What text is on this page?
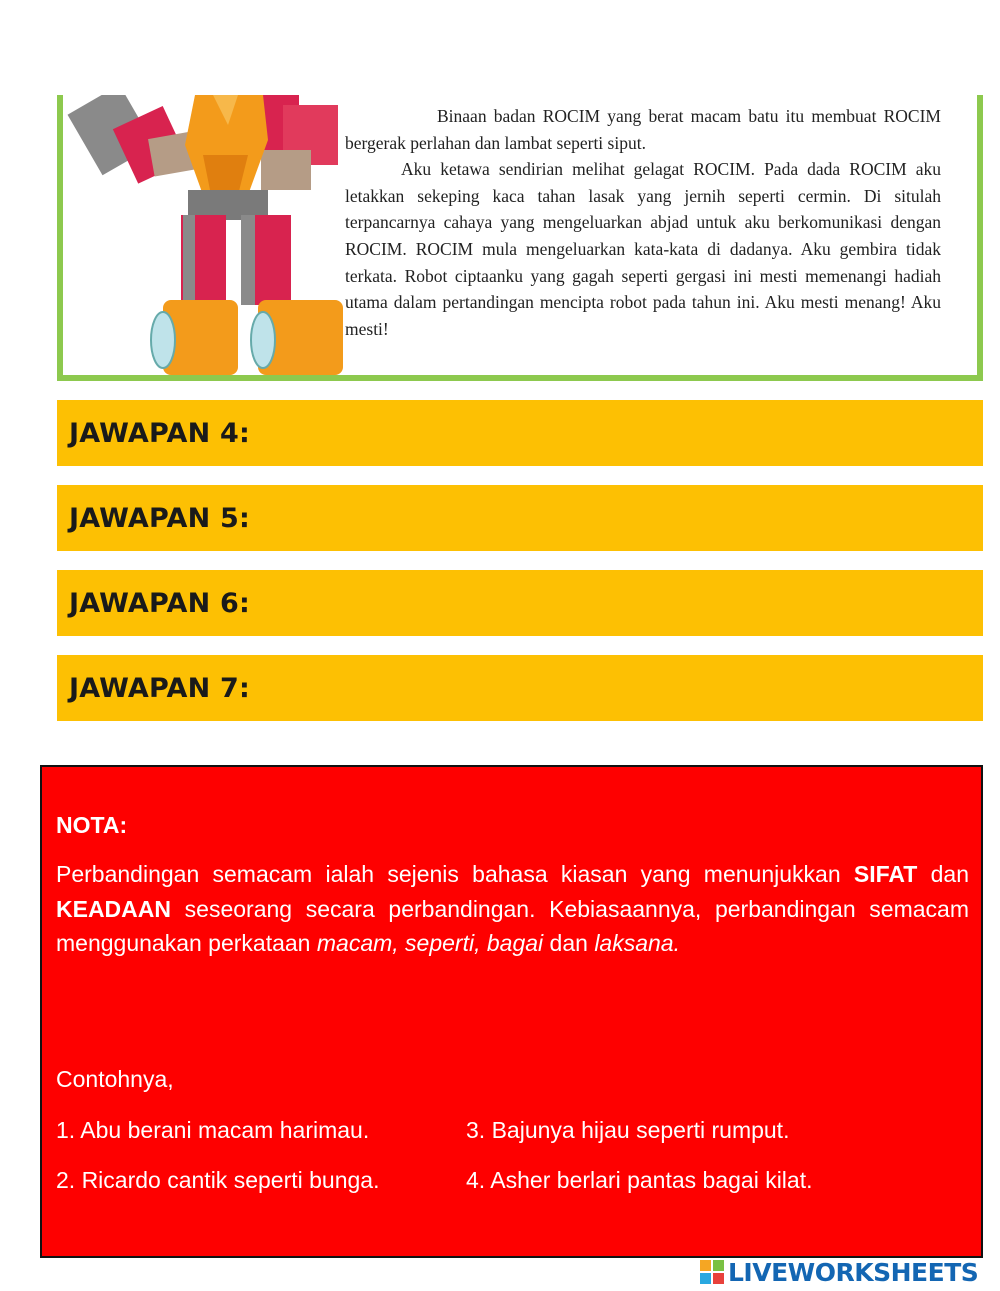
Binaan badan ROCIM yang berat macam batu itu membuat ROCIM bergerak perlahan dan lambat seperti siput.

Aku ketawa sendirian melihat gelagat ROCIM. Pada dada ROCIM aku letakkan sekeping kaca tahan lasak yang jernih seperti cermin. Di situlah terpancarnya cahaya yang mengeluarkan abjad untuk aku berkomunikasi dengan ROCIM. ROCIM mula mengeluarkan kata-kata di dadanya. Aku gembira tidak terkata. Robot ciptaanku yang gagah seperti gergasi ini mesti memenangi hadiah utama dalam pertandingan mencipta robot pada tahun ini. Aku mesti menang! Aku mesti!

JAWAPAN 4:
JAWAPAN 5:
JAWAPAN 6:
JAWAPAN 7:
NOTA:
Perbandingan semacam ialah sejenis bahasa kiasan yang menunjukkan SIFAT dan KEADAAN seseorang secara perbandingan. Kebiasaannya, perbandingan semacam menggunakan perkataan macam, seperti, bagai dan laksana.
Contohnya,
1. Abu berani macam harimau.
2. Ricardo cantik seperti bunga.
3. Bajunya hijau seperti rumput.
4. Asher berlari pantas bagai kilat.
LIVEWORKSHEETS
